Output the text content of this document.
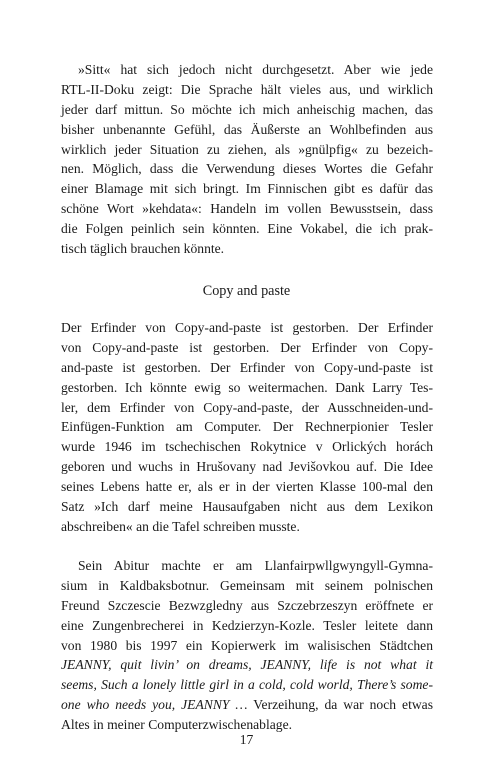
»Sitt« hat sich jedoch nicht durchgesetzt. Aber wie jede
RTL-II-Doku zeigt: Die Sprache hält vieles aus, und wirklich
jeder darf mittun. So möchte ich mich anheischig machen, das
bisher unbenannte Gefühl, das Äußerste an Wohlbefinden aus
wirklich jeder Situation zu ziehen, als »gnülpfig« zu bezeich-
nen. Möglich, dass die Verwendung dieses Wortes die Gefahr
einer Blamage mit sich bringt. Im Finnischen gibt es dafür das
schöne Wort »kehdata«: Handeln im vollen Bewusstsein, dass
die Folgen peinlich sein könnten. Eine Vokabel, die ich prak-
tisch täglich brauchen könnte.
Copy and paste
Der Erfinder von Copy-and-paste ist gestorben. Der Erfinder
von Copy-and-paste ist gestorben. Der Erfinder von Copy-
and-paste ist gestorben. Der Erfinder von Copy-und-paste ist
gestorben. Ich könnte ewig so weitermachen. Dank Larry Tes-
ler, dem Erfinder von Copy-and-paste, der Ausschneiden-und-
Einfügen-Funktion am Computer. Der Rechnerpionier Tesler
wurde 1946 im tschechischen Rokytnice v Orlických horách
geboren und wuchs in Hrušovany nad Jevišovkou auf. Die Idee
seines Lebens hatte er, als er in der vierten Klasse 100-mal den
Satz »Ich darf meine Hausaufgaben nicht aus dem Lexikon
abschreiben« an die Tafel schreiben musste.
Sein Abitur machte er am Llanfairpwllgwyngyll-Gymna-
sium in Kaldbaksbotnur. Gemeinsam mit seinem polnischen
Freund Szczescie Bezwzgledny aus Szczebrzeszyn eröffnete er
eine Zungenbrecherei in Kedzierzyn-Kozle. Tesler leitete dann
von 1980 bis 1997 ein Kopierwerk im walisischen Städtchen
JEANNY, quit livin’ on dreams, JEANNY, life is not what it
seems, Such a lonely little girl in a cold, cold world, There’s some-
one who needs you, JEANNY … Verzeihung, da war noch etwas
Altes in meiner Computerzwischenablage.
17
